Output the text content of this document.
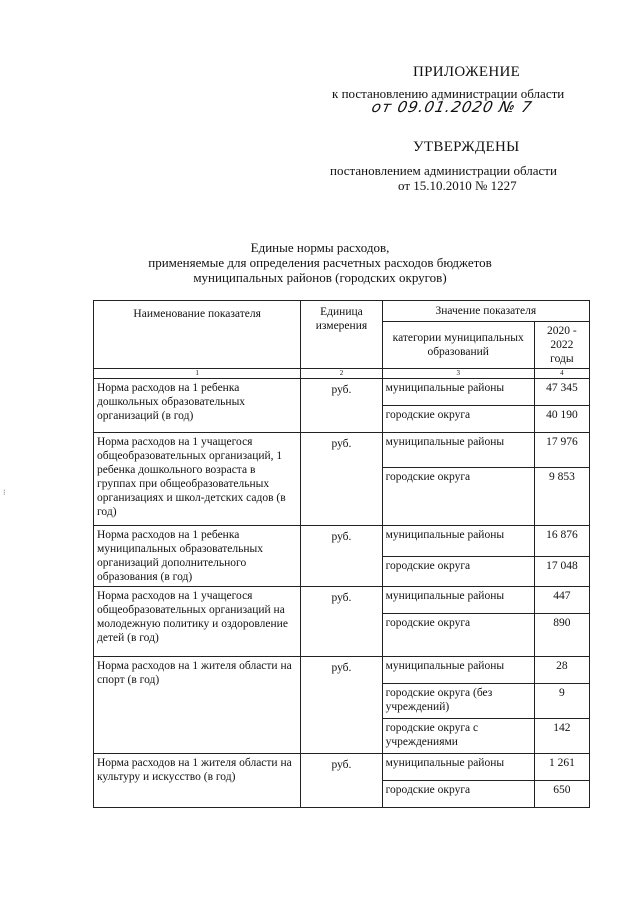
ПРИЛОЖЕНИЕ
к постановлению администрации области
от 09.01.2020 № 7
УТВЕРЖДЕНЫ
постановлением администрации области
от 15.10.2010 № 1227
Единые нормы расходов,
применяемые для определения расчетных расходов бюджетов
муниципальных районов (городских округов)
Наименование показателя	Единица измерения	Значение показателя	
		категории муниципальных образований	2020 - 2022 годы
1	2	3	4
Норма расходов на 1 ребенка дошкольных образовательных организаций (в год)	руб.	муниципальные районы	47 345
		городские округа	40 190
Норма расходов на 1 учащегося общеобразовательных организаций, 1 ребенка дошкольного возраста в группах при общеобразовательных организациях и школ-детских садов (в год)	руб.	муниципальные районы	17 976
		городские округа	9 853
Норма расходов на 1 ребенка муниципальных образовательных организаций дополнительного образования (в год)	руб.	муниципальные районы	16 876
		городские округа	17 048
Норма расходов на 1 учащегося общеобразовательных организаций на молодежную политику и оздоровление детей (в год)	руб.	муниципальные районы	447
		городские округа	890
Норма расходов на 1 жителя области на спорт (в год)	руб.	муниципальные районы	28
		городские округа (без учреждений)	9
		городские округа с учреждениями	142
Норма расходов на 1 жителя области на культуру и искусство (в год)	руб.	муниципальные районы	1 261
		городские округа	650
⁝
